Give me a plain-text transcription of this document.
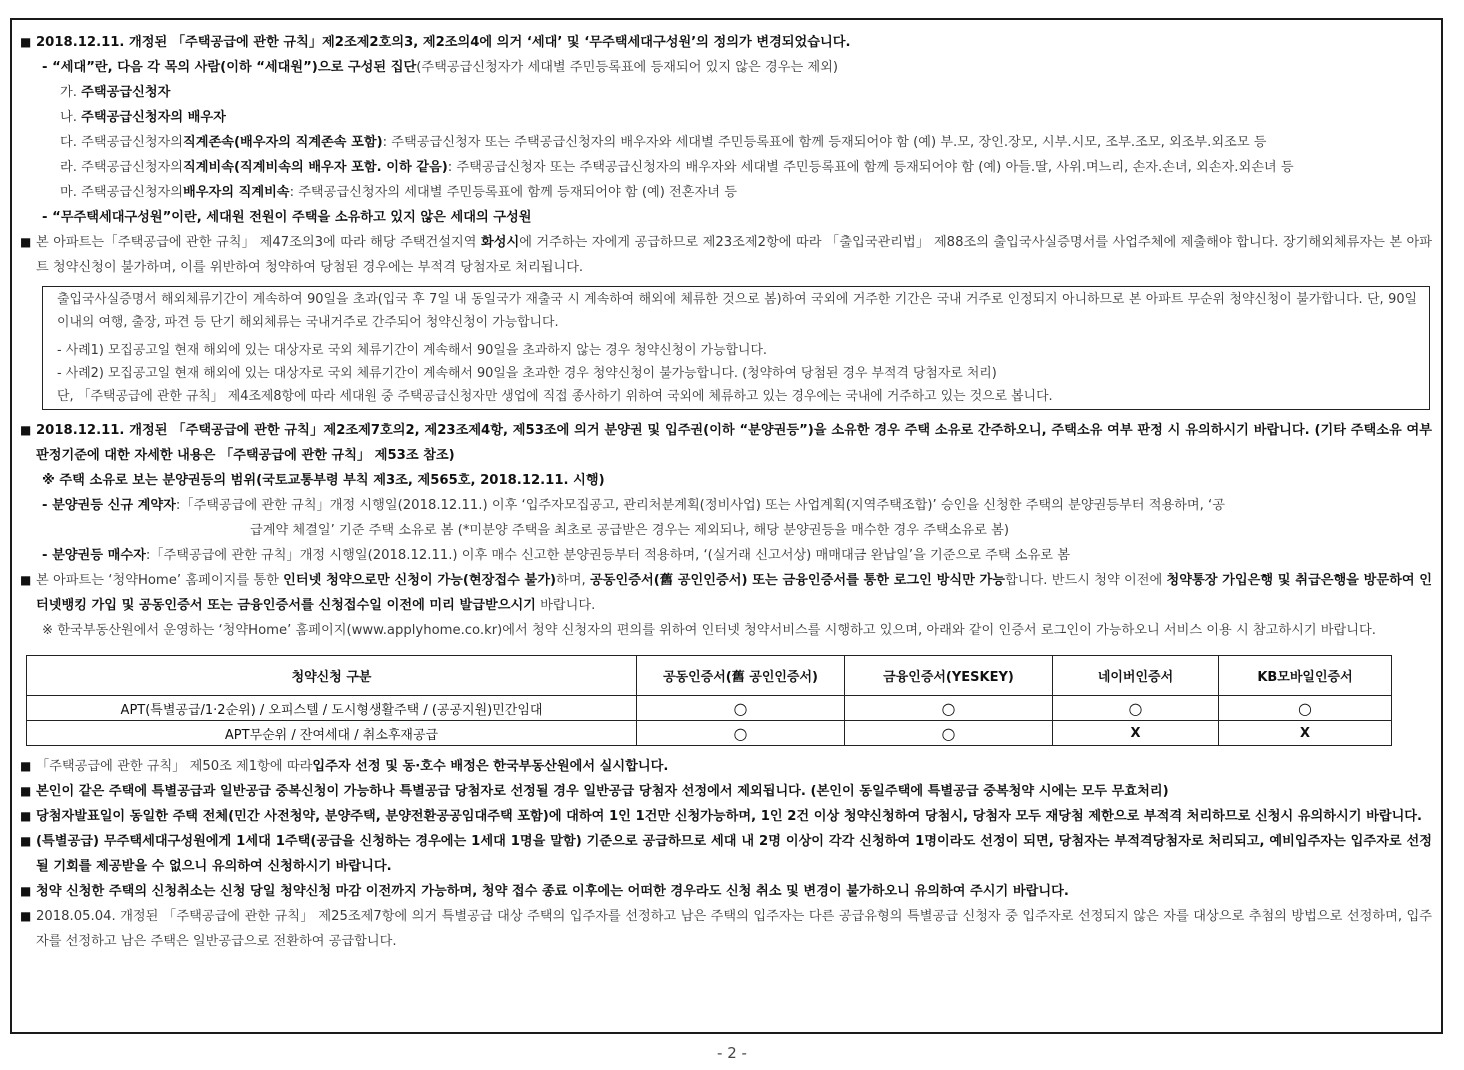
■ 2018.12.11. 개정된 「주택공급에 관한 규칙」제2조제2호의3, 제2조의4에 의거 ‘세대’ 및 ‘무주택세대구성원’의 정의가 변경되었습니다.
- “세대”란, 다음 각 목의 사람(이하 “세대원”)으로 구성된 집단 (주택공급신청자가 세대별 주민등록표에 등재되어 있지 않은 경우는 제외)
가.
주택공급신청자
나.
주택공급신청자의 배우자
다. 주택공급신청자의 직계존속(배우자의 직계존속 포함) : 주택공급신청자 또는 주택공급신청자의 배우자와 세대별 주민등록표에 함께 등재되어야 함 (예) 부.모, 장인.장모, 시부.시모, 조부.조모, 외조부.외조모 등
라. 주택공급신청자의 직계비속(직계비속의 배우자 포함. 이하 같음) : 주택공급신청자 또는 주택공급신청자의 배우자와 세대별 주민등록표에 함께 등재되어야 함 (예) 아들.딸, 사위.며느리, 손자.손녀, 외손자.외손녀 등
마. 주택공급신청자의 배우자의 직계비속 : 주택공급신청자의 세대별 주민등록표에 함께 등재되어야 함 (예) 전혼자녀 등
- “무주택세대구성원”이란, 세대원 전원이 주택을 소유하고 있지 않은 세대의 구성원
■ 본 아파트는「주택공급에 관한 규칙」 제47조의3에 따라 해당 주택건설지역 화성시에 거주하는 자에게 공급하므로 제23조제2항에 따라 「출입국관리법」 제88조의 출입국사실증명서를 사업주체에 제출해야 합니다. 장기해외체류자는 본 아파트 청약신청이 불가하며, 이를 위반하여 청약하여 당첨된 경우에는 부적격 당첨자로 처리됩니다.
출입국사실증명서 해외체류기간이 계속하여 90일을 초과(입국 후 7일 내 동일국가 재출국 시 계속하여 해외에 체류한 것으로 봄)하여 국외에 거주한 기간은 국내 거주로 인정되지 아니하므로 본 아파트 무순위 청약신청이 불가합니다. 단, 90일 이내의 여행, 출장, 파견 등 단기 해외체류는 국내거주로 간주되어 청약신청이 가능합니다.
- 사례1) 모집공고일 현재 해외에 있는 대상자로 국외 체류기간이 계속해서 90일을 초과하지 않는 경우 청약신청이 가능합니다.
- 사례2) 모집공고일 현재 해외에 있는 대상자로 국외 체류기간이 계속해서 90일을 초과한 경우 청약신청이 불가능합니다. (청약하여 당첨된 경우 부적격 당첨자로 처리)
단, 「주택공급에 관한 규칙」 제4조제8항에 따라 세대원 중 주택공급신청자만 생업에 직접 종사하기 위하여 국외에 체류하고 있는 경우에는 국내에 거주하고 있는 것으로 봅니다.
■ 2018.12.11. 개정된 「주택공급에 관한 규칙」제2조제7호의2, 제23조제4항, 제53조에 의거 분양권 및 입주권(이하 “분양권등”)을 소유한 경우 주택 소유로 간주하오니, 주택소유 여부 판정 시 유의하시기 바랍니다. (기타 주택소유 여부 판정기준에 대한 자세한 내용은 「주택공급에 관한 규칙」 제53조 참조)
※ 주택 소유로 보는 분양권등의 범위(국토교통부령 부칙 제3조, 제565호, 2018.12.11. 시행)
- 분양권등 신규 계약자 :「주택공급에 관한 규칙」개정 시행일(2018.12.11.) 이후 ‘입주자모집공고, 관리처분계획(정비사업) 또는 사업계획(지역주택조합)’ 승인을 신청한 주택의 분양권등부터 적용하며, ‘공
급계약 체결일’ 기준 주택 소유로 봄 (*미분양 주택을 최초로 공급받은 경우는 제외되나, 해당 분양권등을 매수한 경우 주택소유로 봄)
- 분양권등 매수자 :「주택공급에 관한 규칙」개정 시행일(2018.12.11.) 이후 매수 신고한 분양권등부터 적용하며, ‘(실거래 신고서상) 매매대금 완납일’을 기준으로 주택 소유로 봄
■ 본 아파트는 ‘청약Home’ 홈페이지를 통한 인터넷 청약으로만 신청이 가능(현장접수 불가)하며, 공동인증서(舊 공인인증서) 또는 금융인증서를 통한 로그인 방식만 가능합니다. 반드시 청약 이전에 청약통장 가입은행 및 취급은행을 방문하여 인터넷뱅킹 가입 및 공동인증서 또는 금융인증서를 신청접수일 이전에 미리 발급받으시기 바랍니다.
※ 한국부동산원에서 운영하는 ‘청약Home’ 홈페이지(www.applyhome.co.kr)에서 청약 신청자의 편의를 위하여 인터넷 청약서비스를 시행하고 있으며, 아래와 같이 인증서 로그인이 가능하오니 서비스 이용 시 참고하시기 바랍니다.
청약신청 구분	공동인증서(舊 공인인증서)	금융인증서(YESKEY)	네이버인증서	KB모바일인증서
APT(특별공급/1·2순위) / 오피스텔 / 도시형생활주택 / (공공지원)민간임대	○	○	○	○
APT무순위 / 잔여세대 / 취소후재공급	○	○	X	X
■ 「주택공급에 관한 규칙」 제50조 제1항에 따라 입주자 선정 및 동·호수 배정은 한국부동산원에서 실시합니다.
■ 본인이 같은 주택에 특별공급과 일반공급 중복신청이 가능하나 특별공급 당첨자로 선정될 경우 일반공급 당첨자 선정에서 제외됩니다. (본인이 동일주택에 특별공급 중복청약 시에는 모두 무효처리)
■ 당첨자발표일이 동일한 주택 전체(민간 사전청약, 분양주택, 분양전환공공임대주택 포함)에 대하여 1인 1건만 신청가능하며, 1인 2건 이상 청약신청하여 당첨시, 당첨자 모두 재당첨 제한으로 부적격 처리하므로 신청시 유의하시기 바랍니다.
■ (특별공급) 무주택세대구성원에게 1세대 1주택(공급을 신청하는 경우에는 1세대 1명을 말함) 기준으로 공급하므로 세대 내 2명 이상이 각각 신청하여 1명이라도 선정이 되면, 당첨자는 부적격당첨자로 처리되고, 예비입주자는 입주자로 선정될 기회를 제공받을 수 없으니 유의하여 신청하시기 바랍니다.
■ 청약 신청한 주택의 신청취소는 신청 당일 청약신청 마감 이전까지 가능하며, 청약 접수 종료 이후에는 어떠한 경우라도 신청 취소 및 변경이 불가하오니 유의하여 주시기 바랍니다.
■ 2018.05.04. 개정된 「주택공급에 관한 규칙」 제25조제7항에 의거 특별공급 대상 주택의 입주자를 선정하고 남은 주택의 입주자는 다른 공급유형의 특별공급 신청자 중 입주자로 선정되지 않은 자를 대상으로 추첨의 방법으로 선정하며, 입주자를 선정하고 남은 주택은 일반공급으로 전환하여 공급합니다.
- 2 -
